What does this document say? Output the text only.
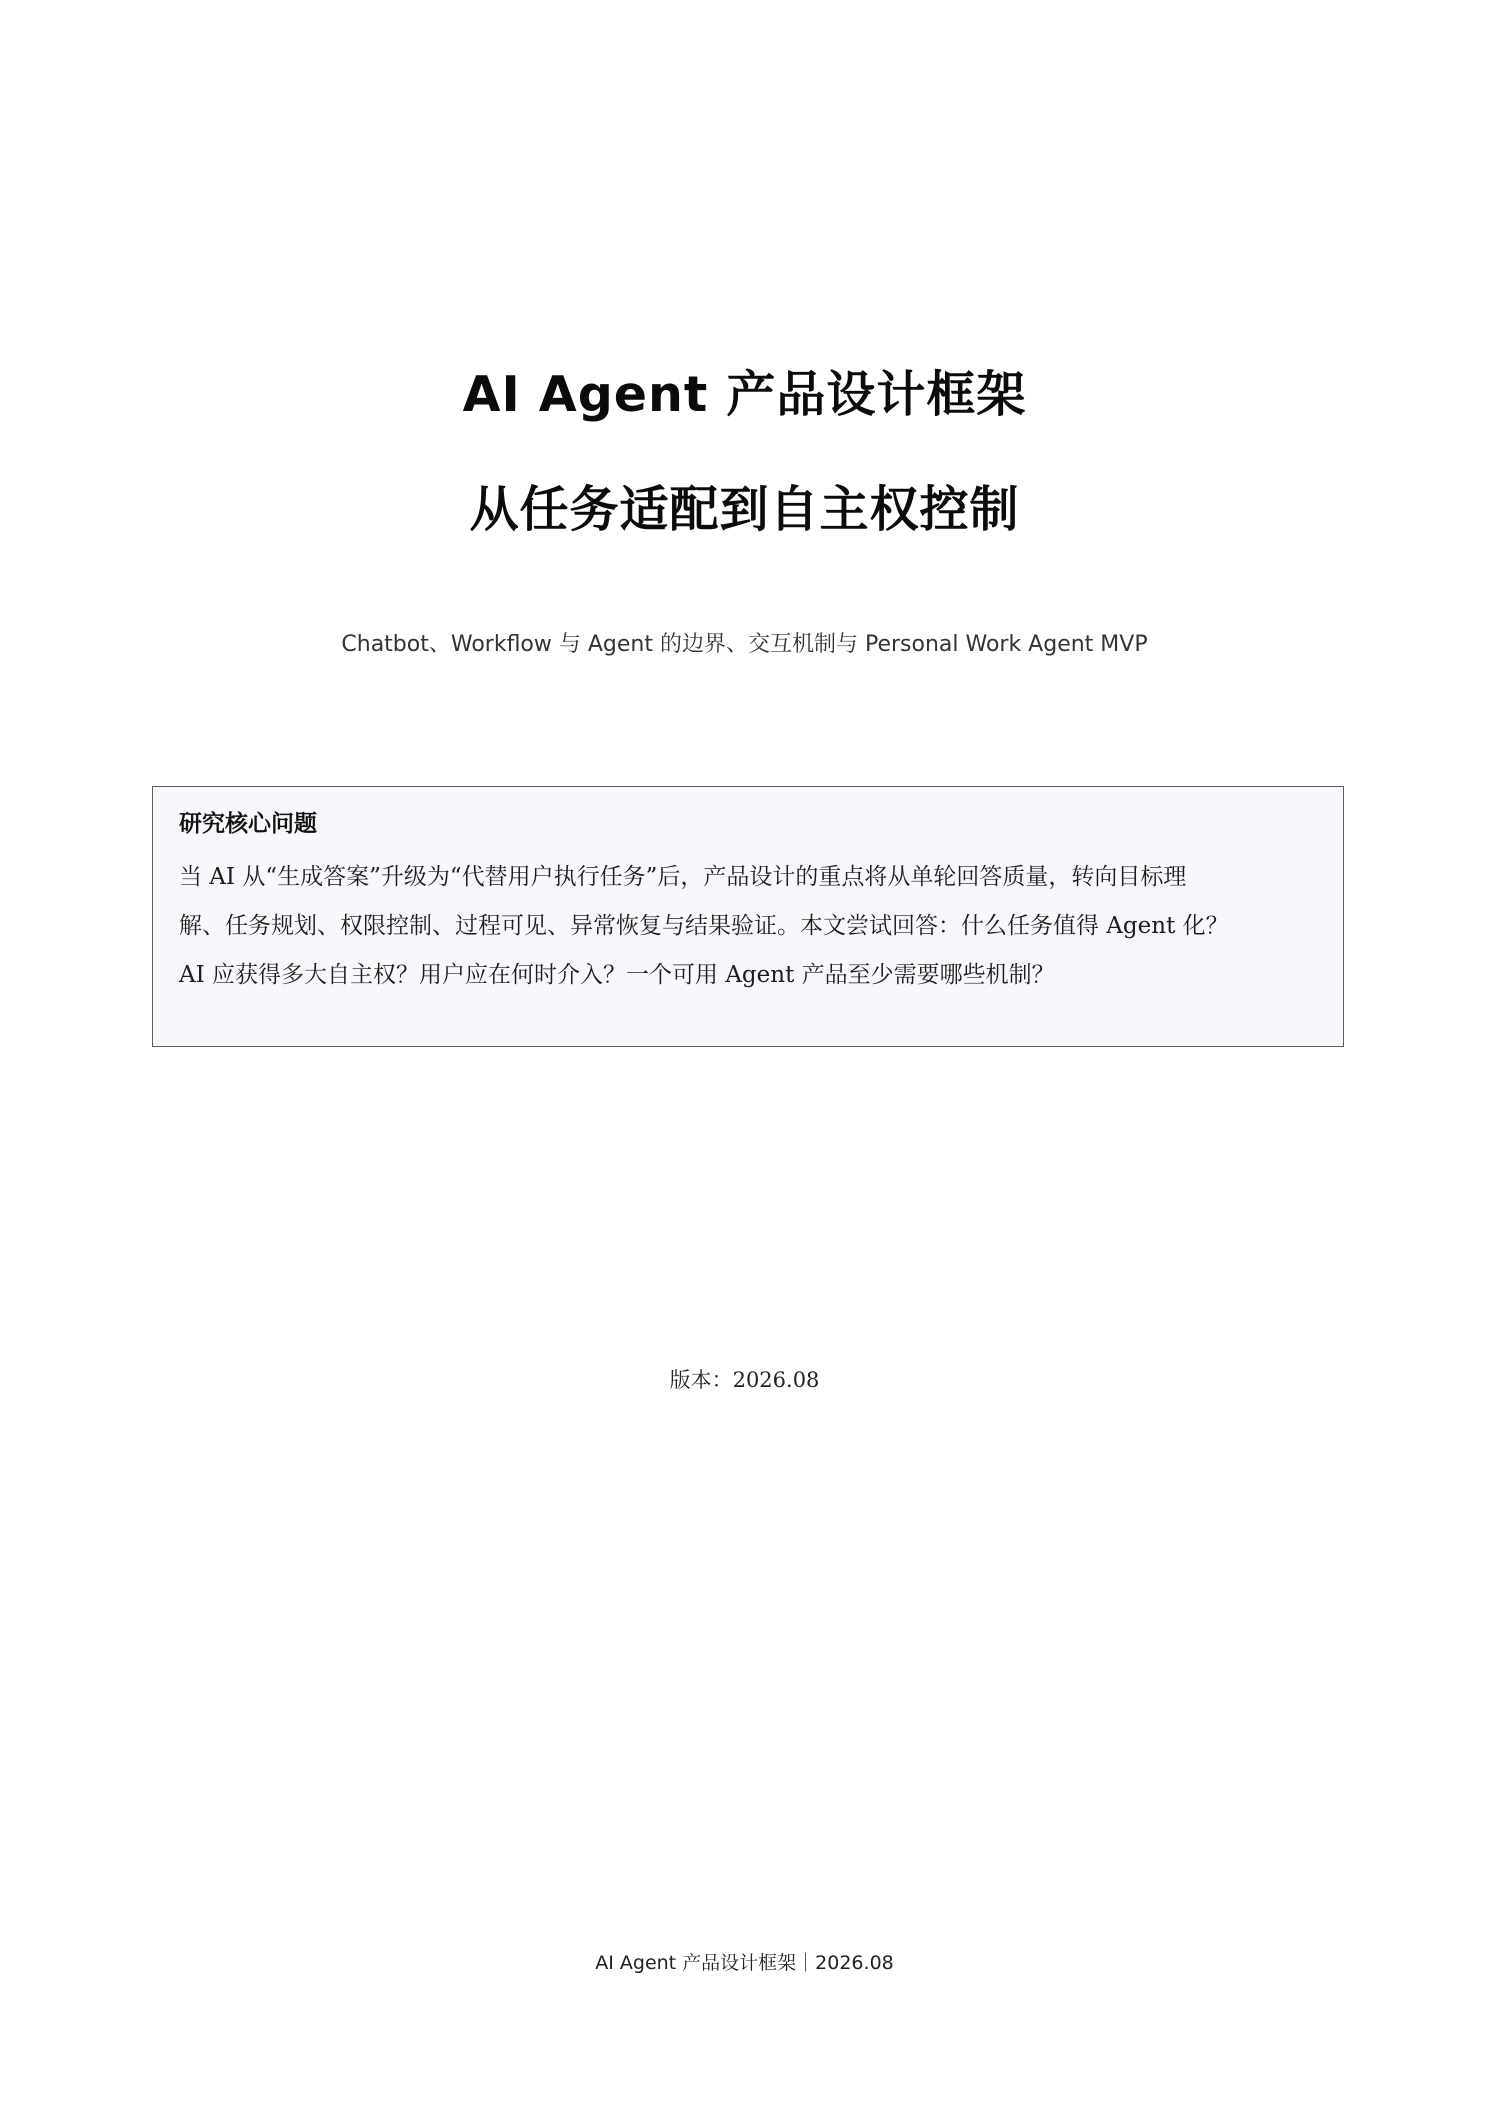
AI Agent 产品设计框架
从任务适配到自主权控制
Chatbot、Workflow 与 Agent 的边界、交互机制与 Personal Work Agent MVP
研究核心问题
当 AI 从“生成答案”升级为“代替用户执行任务”后，产品设计的重点将从单轮回答质量，转向目标理
解、任务规划、权限控制、过程可见、异常恢复与结果验证。本文尝试回答：什么任务值得 Agent 化？
AI 应获得多大自主权？用户应在何时介入？一个可用 Agent 产品至少需要哪些机制？
版本：2026.08
AI Agent 产品设计框架｜2026.08
